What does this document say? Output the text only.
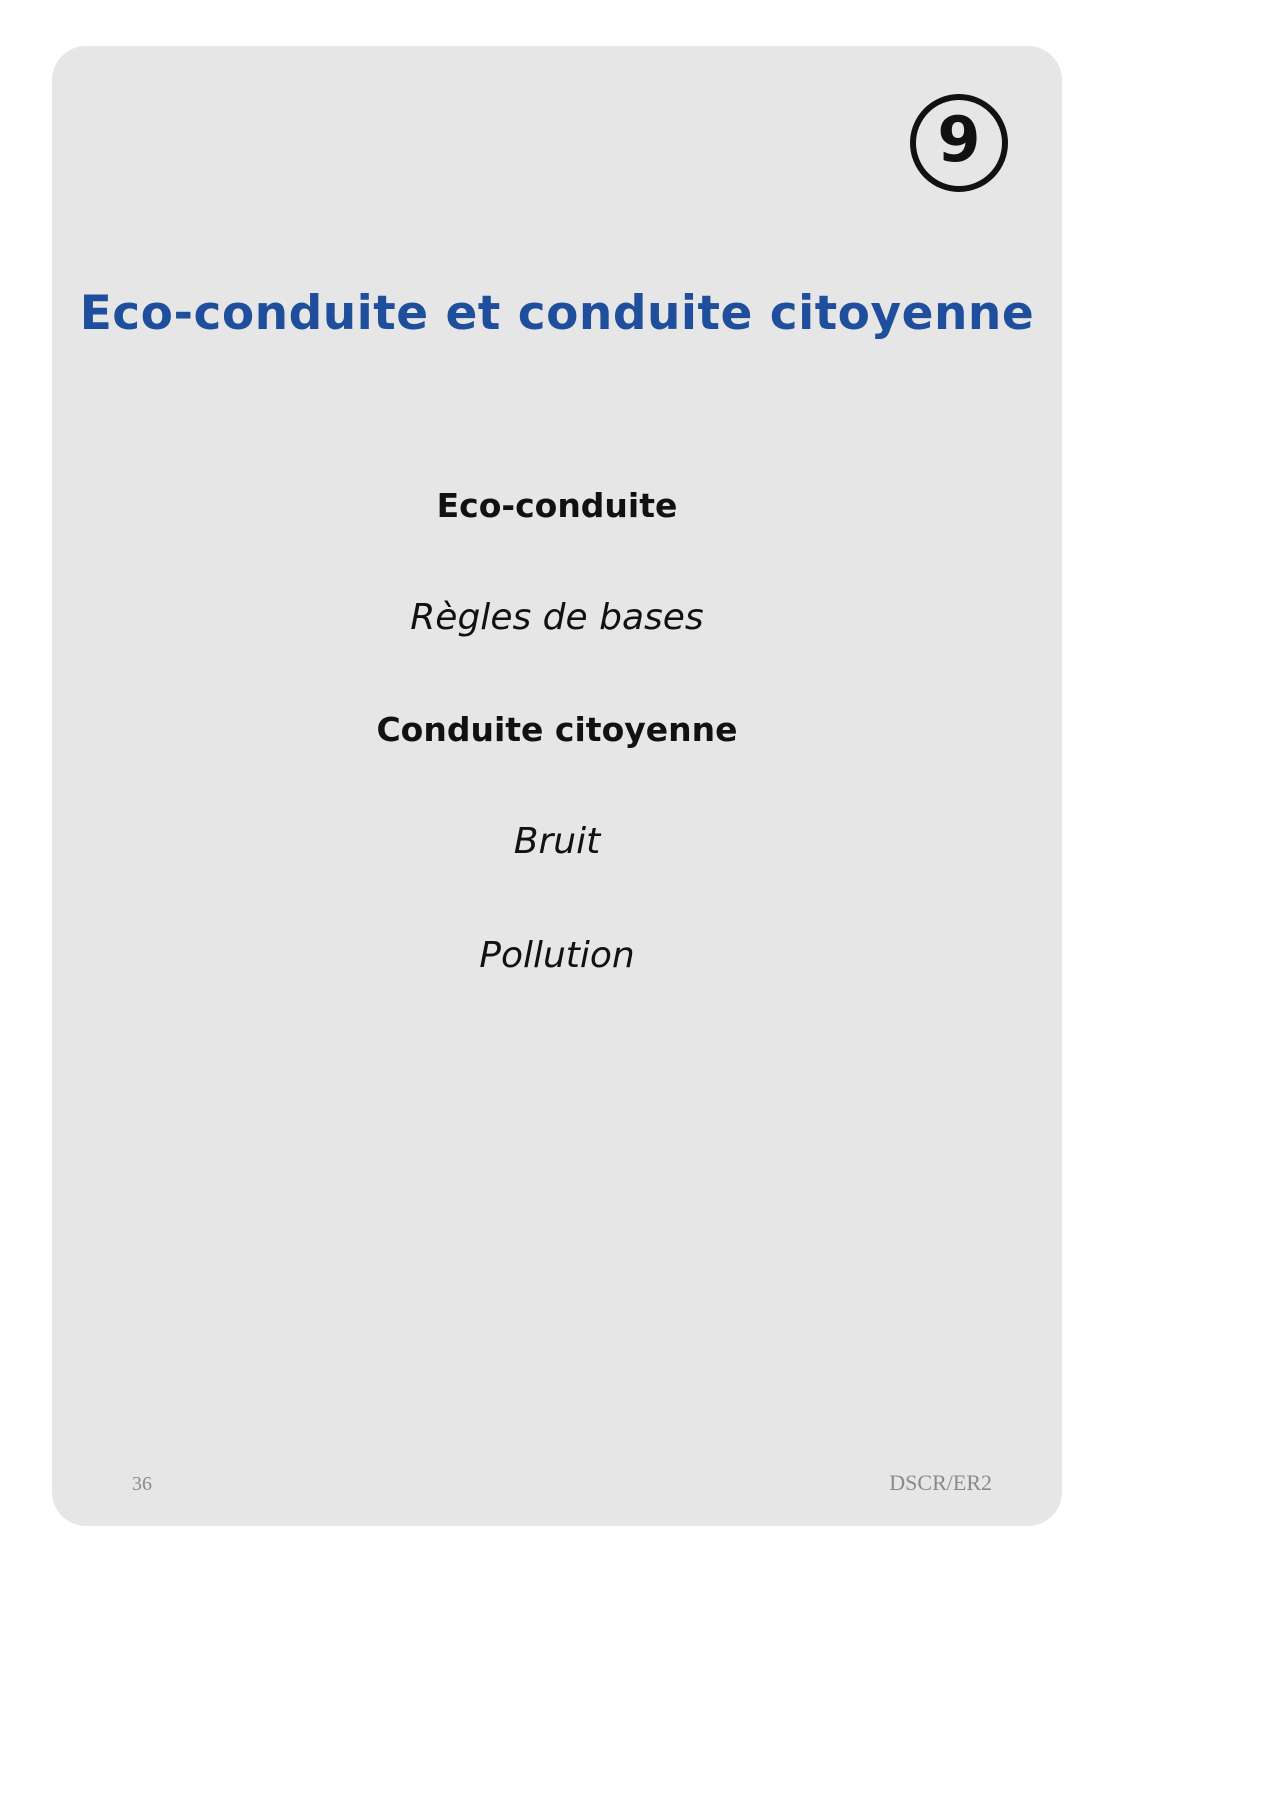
9
Eco-conduite et conduite citoyenne
Eco-conduite
Règles de bases
Conduite citoyenne
Bruit
Pollution
36	DSCR/ER2
